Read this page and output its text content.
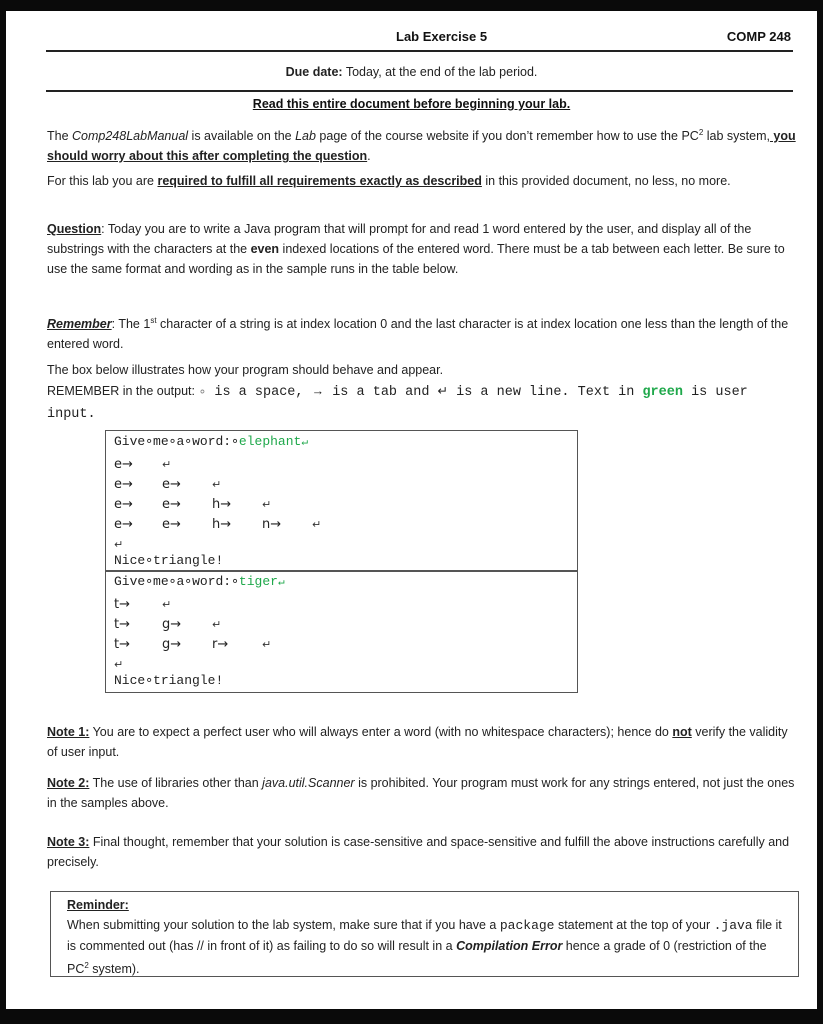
Lab Exercise 5	COMP 248
Due date: Today, at the end of the lab period.
Read this entire document before beginning your lab.
The Comp248LabManual is available on the Lab page of the course website if you don’t remember how to use the $PC^2$ lab system, you should worry about this after completing the question.
For this lab you are required to fulfill all requirements exactly as described in this provided document, no less, no more.
Question: Today you are to write a Java program that will prompt for and read 1 word entered by the user, and display all of the substrings with the characters at the even indexed locations of the entered word. There must be a tab between each letter. Be sure to use the same format and wording as in the sample runs in the table below.
Remember: The 1st character of a string is at index location 0 and the last character is at index location one less than the length of the entered word.
The box below illustrates how your program should behave and appear.
REMEMBER in the output: ∘ is a space, → is a tab and ↵ is a new line. Text in green is user input.
Give∘me∘a∘word:∘elephant↵
e→	↵
e→ e→	↵
e→ e→ h→	↵
e→ e→ h→ n→	↵
↵
Nice∘triangle!
Give∘me∘a∘word:∘tiger↵
t→	↵
t→ g→	↵
t→ g→ r→	↵
↵
Nice∘triangle!
Note 1: You are to expect a perfect user who will always enter a word (with no whitespace characters); hence do not verify the validity of user input.
Note 2: The use of libraries other than java.util.Scanner is prohibited. Your program must work for any strings entered, not just the ones in the samples above.
Note 3: Final thought, remember that your solution is case-sensitive and space-sensitive and fulfill the above instructions carefully and precisely.
Reminder:
When submitting your solution to the lab system, make sure that if you have a package statement at the top of your .java file it is commented out (has // in front of it) as failing to do so will result in a Compilation Error hence a grade of 0 (restriction of the $PC^2$ system).
